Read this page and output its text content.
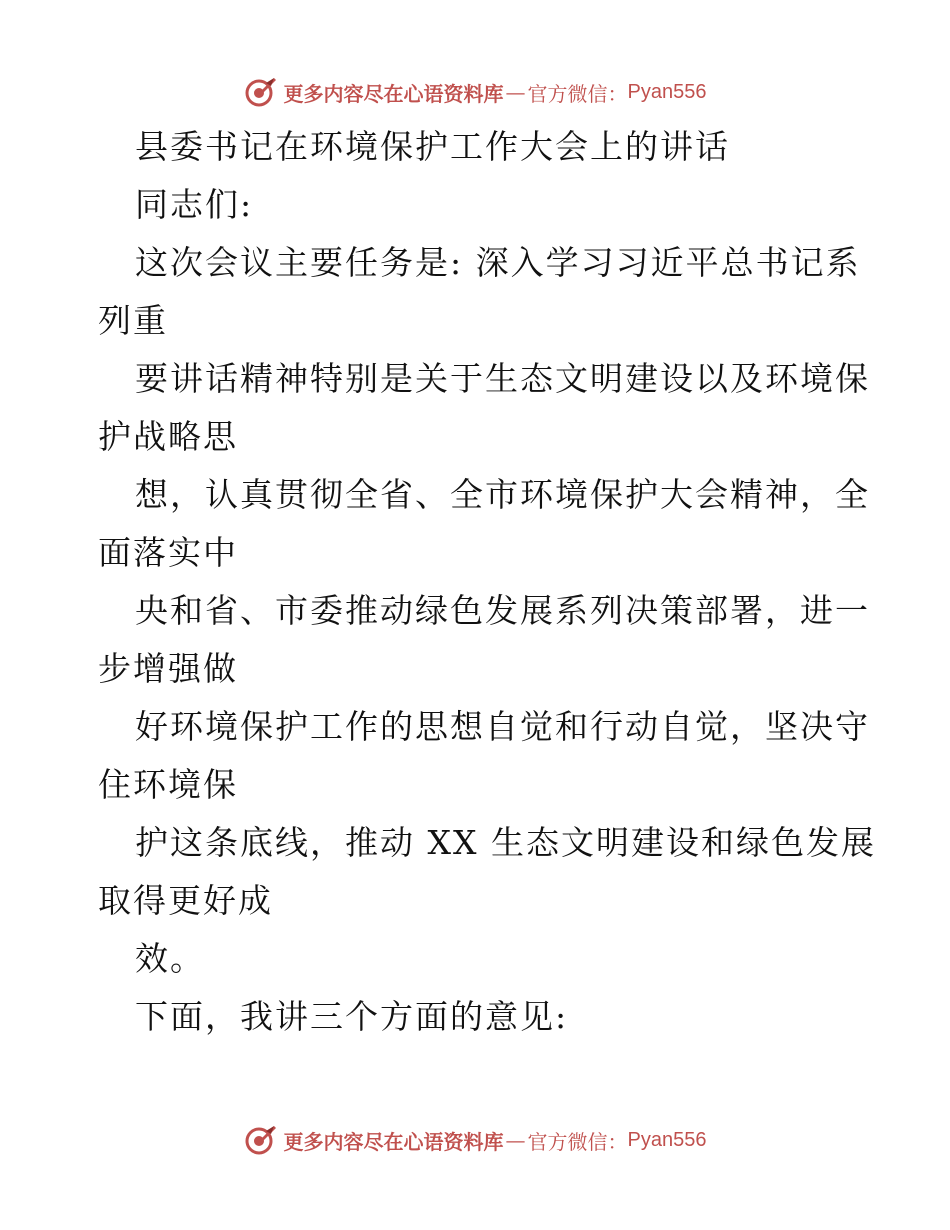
更多内容尽在心语资料库 — 官方微信： Pyan556
县委书记在环境保护工作大会上的讲话
同志们:
这次会议主要任务是: 深入学习习近平总书记系
列重
要讲话精神特别是关于生态文明建设以及环境保
护战略思
想，认真贯彻全省、全市环境保护大会精神，全
面落实中
央和省、市委推动绿色发展系列决策部署，进一
步增强做
好环境保护工作的思想自觉和行动自觉，坚决守
住环境保
护这条底线，推动 XX 生态文明建设和绿色发展
取得更好成
效。
下面，我讲三个方面的意见:
更多内容尽在心语资料库 — 官方微信： Pyan556
